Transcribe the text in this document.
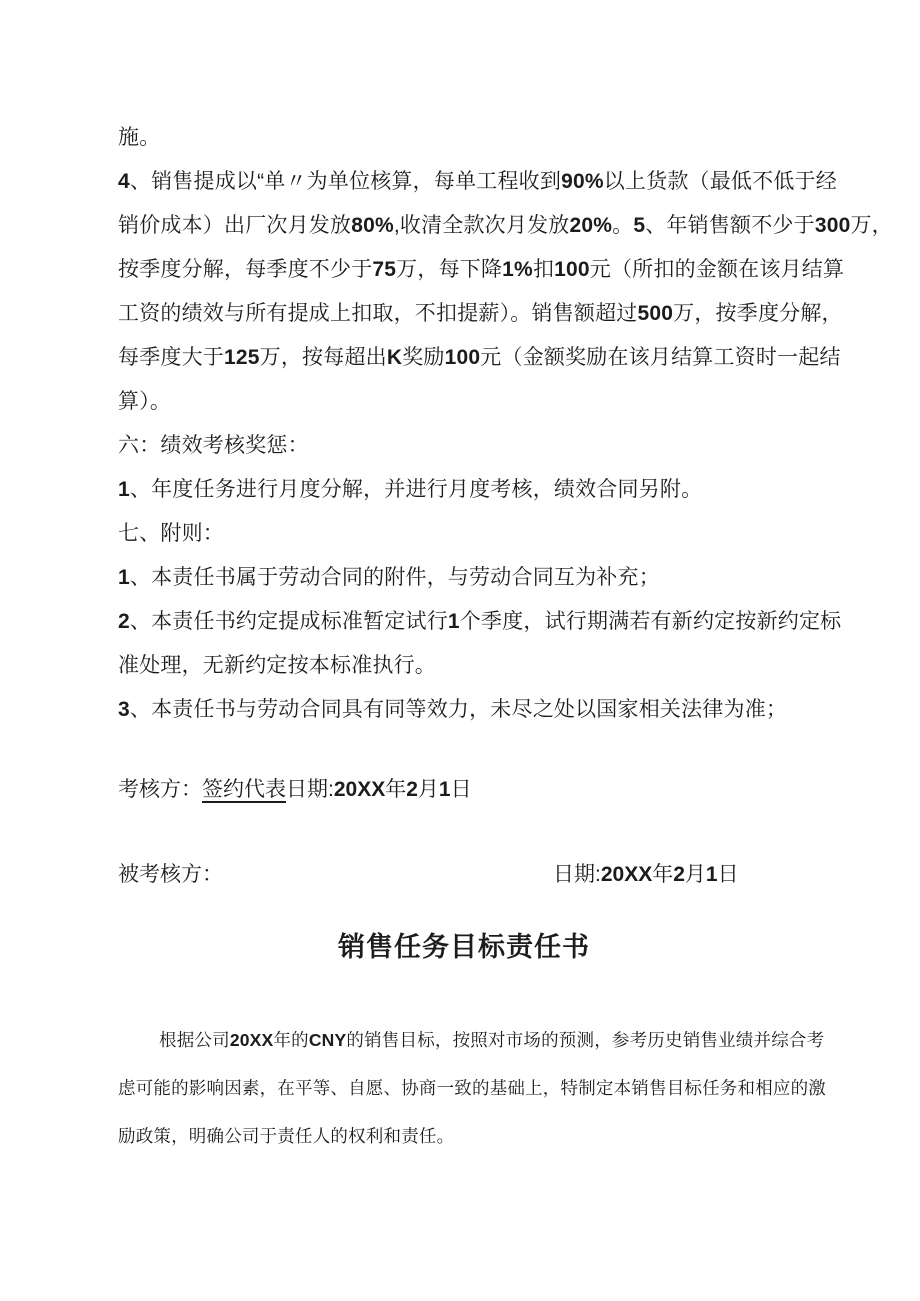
施。

4、销售提成以“单〃为单位核算，每单工程收到90%以上货款（最低不低于经

销价成本）出厂次月发放80%,收清全款次月发放20%。5、年销售额不少于300万，

按季度分解，每季度不少于75万，每下降1%扣100元（所扣的金额在该月结算

工资的绩效与所有提成上扣取，不扣提薪）。销售额超过500万，按季度分解，

每季度大于125万，按每超出K奖励100元（金额奖励在该月结算工资时一起结

算）。

六：绩效考核奖惩：

1、年度任务进行月度分解，并进行月度考核，绩效合同另附。

七、附则：

1、本责任书属于劳动合同的附件，与劳动合同互为补充；

2、本责任书约定提成标准暂定试行1个季度，试行期满若有新约定按新约定标

准处理，无新约定按本标准执行。

3、本责任书与劳动合同具有同等效力，未尽之处以国家相关法律为准；

考核方：签约代表日期:20XX年2月1日
被考核方：	日期:20XX年2月1日
销售任务目标责任书

根据公司20XX年的CNY的销售目标，按照对市场的预测，参考历史销售业绩并综合考

虑可能的影响因素，在平等、自愿、协商一致的基础上，特制定本销售目标任务和相应的激

励政策，明确公司于责任人的权利和责任。
